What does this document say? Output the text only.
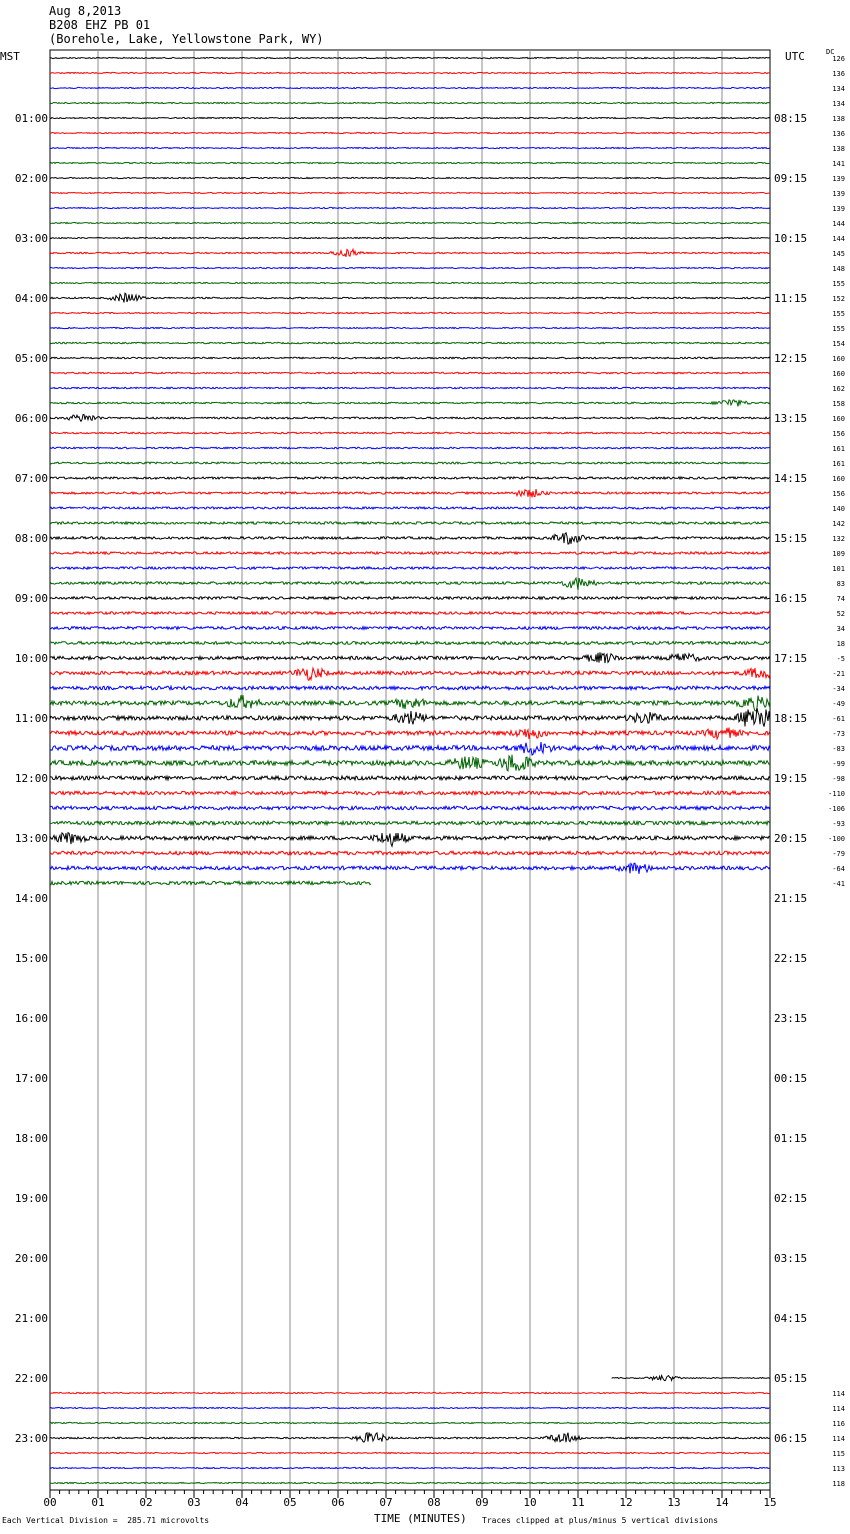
Aug 8,2013
B208 EHZ PB 01
(Borehole, Lake, Yellowstone Park, WY)
MST	UTC	DC
00	01	02	03	04	05	06	07	08	09	10	11	12	13	14	15
01:00
02:00
03:00
04:00
05:00
06:00
07:00
08:00
09:00
10:00
11:00
12:00
13:00
14:00
15:00
16:00
17:00
18:00
19:00
20:00
21:00
22:00
23:00
08:15
09:15
10:15
11:15
12:15
13:15
14:15
15:15
16:15
17:15
18:15
19:15
20:15
21:15
22:15
23:15
00:15
01:15
02:15
03:15
04:15
05:15
06:15
126
136
134
134
138
136
138
141
139
139
139
144
144
145
148
155
152
155
155
154
160
160
162
158
160
156
161
161
160
156
140
142
132
109
101
83
74
52
34
18
-5
-21
-34
-49
-61
-73
-83
-99
-98
-110
-106
-93
-100
-79
-64
-41
114
114
116
114
115
113
118
Each Vertical Division =  285.71 microvolts	TIME (MINUTES) Traces clipped at plus/minus 5 vertical divisions
